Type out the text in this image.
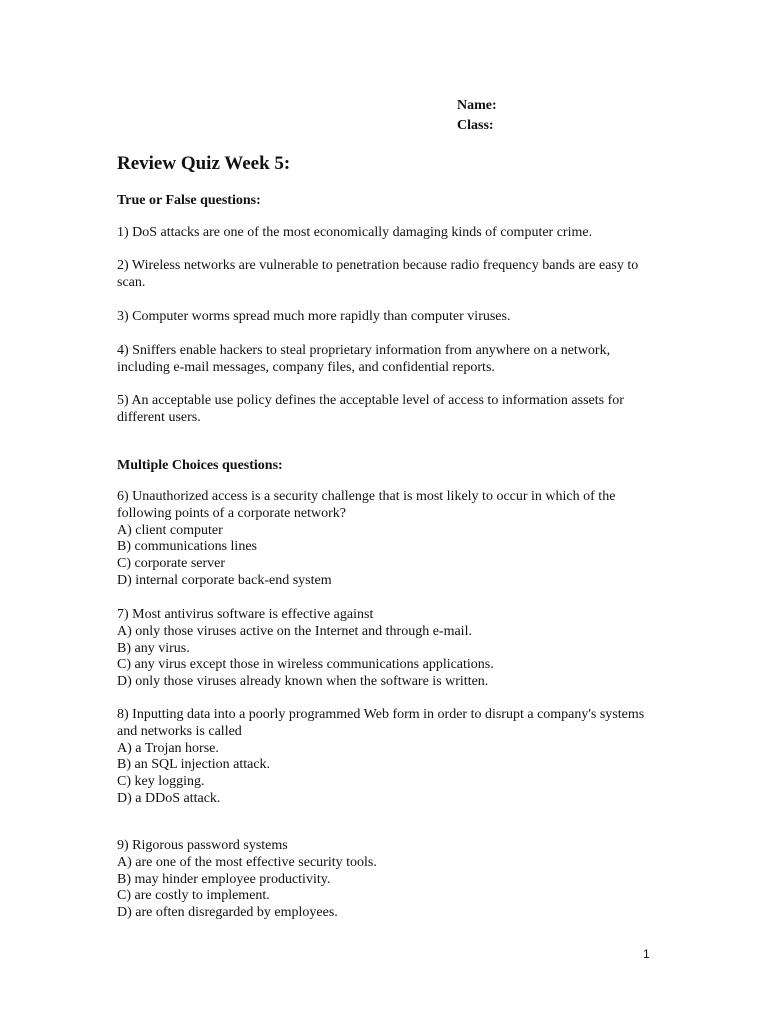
Name:
Class:
Review Quiz Week 5:
True or False questions:

1) DoS attacks are one of the most economically damaging kinds of computer crime.

2) Wireless networks are vulnerable to penetration because radio frequency bands are easy to scan.

3) Computer worms spread much more rapidly than computer viruses.

4) Sniffers enable hackers to steal proprietary information from anywhere on a network, including e-mail messages, company files, and confidential reports.

5) An acceptable use policy defines the acceptable level of access to information assets for different users.

Multiple Choices questions:

6) Unauthorized access is a security challenge that is most likely to occur in which of the following points of a corporate network?

A) client computer

B) communications lines

C) corporate server

D) internal corporate back-end system

7) Most antivirus software is effective against

A) only those viruses active on the Internet and through e-mail.

B) any virus.

C) any virus except those in wireless communications applications.

D) only those viruses already known when the software is written.

8) Inputting data into a poorly programmed Web form in order to disrupt a company's systems and networks is called

A) a Trojan horse.

B) an SQL injection attack.

C) key logging.

D) a DDoS attack.

9) Rigorous password systems

A) are one of the most effective security tools.

B) may hinder employee productivity.

C) are costly to implement.

D) are often disregarded by employees.

1
